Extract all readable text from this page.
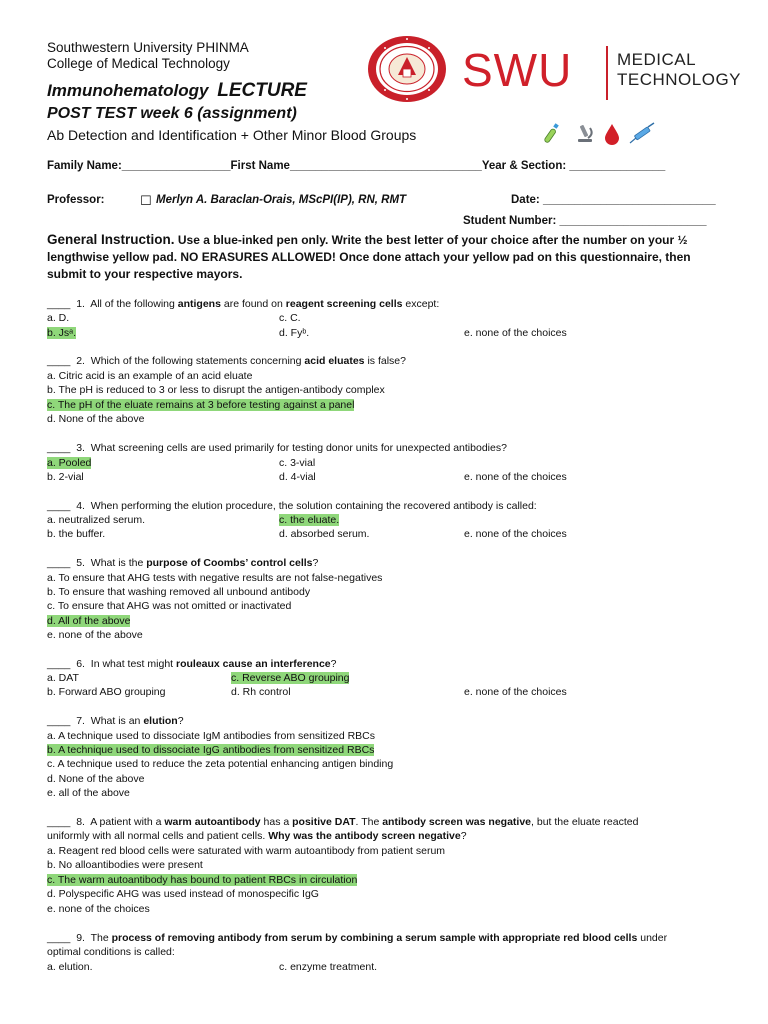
Southwestern University PHINMA
College of Medical Technology
Immunohematology LECTURE
POST TEST week 6 (assignment)
Ab Detection and Identification + Other Minor Blood Groups
SWU	MEDICAL
TECHNOLOGY
Family Name:_________________First Name______________________________Year & Section: _______________
Professor:	☐ Merlyn A. Baraclan-Orais, MScPI(IP), RN, RMT	Date: ___________________________
Student Number: _______________________
General Instruction. Use a blue-inked pen only. Write the best letter of your choice after the number on your ½ lengthwise yellow pad. NO ERASURES ALLOWED! Once done attach your yellow pad on this questionnaire, then submit to your respective mayors.
____  1.  All of the following antigens are found on reagent screening cells except:
a. D.	c. C.
b. Jsᵃ.	d. Fyᵇ.	e. none of the choices
____  2.  Which of the following statements concerning acid eluates is false?
a. Citric acid is an example of an acid eluate
b. The pH is reduced to 3 or less to disrupt the antigen-antibody complex
c. The pH of the eluate remains at 3 before testing against a panel
d. None of the above
____  3.  What screening cells are used primarily for testing donor units for unexpected antibodies?
a. Pooled	c. 3-vial
b. 2-vial	d. 4-vial	e. none of the choices
____  4.  When performing the elution procedure, the solution containing the recovered antibody is called:
a. neutralized serum.	c. the eluate.
b. the buffer.	d. absorbed serum.	e. none of the choices
____  5.  What is the purpose of Coombs’ control cells?
a. To ensure that AHG tests with negative results are not false-negatives
b. To ensure that washing removed all unbound antibody
c. To ensure that AHG was not omitted or inactivated
d. All of the above
e. none of the above
____  6.  In what test might rouleaux cause an interference?
a. DAT	c. Reverse ABO grouping
b. Forward ABO grouping	d. Rh control	e. none of the choices
____  7.  What is an elution?
a. A technique used to dissociate IgM antibodies from sensitized RBCs
b. A technique used to dissociate IgG antibodies from sensitized RBCs
c. A technique used to reduce the zeta potential enhancing antigen binding
d. None of the above
e. all of the above
____  8.  A patient with a warm autoantibody has a positive DAT. The antibody screen was negative, but the eluate reacted
uniformly with all normal cells and patient cells. Why was the antibody screen negative?
a. Reagent red blood cells were saturated with warm autoantibody from patient serum
b. No alloantibodies were present
c. The warm autoantibody has bound to patient RBCs in circulation
d. Polyspecific AHG was used instead of monospecific IgG
e. none of the choices
____  9.  The process of removing antibody from serum by combining a serum sample with appropriate red blood cells under
optimal conditions is called:
a. elution.	c. enzyme treatment.
